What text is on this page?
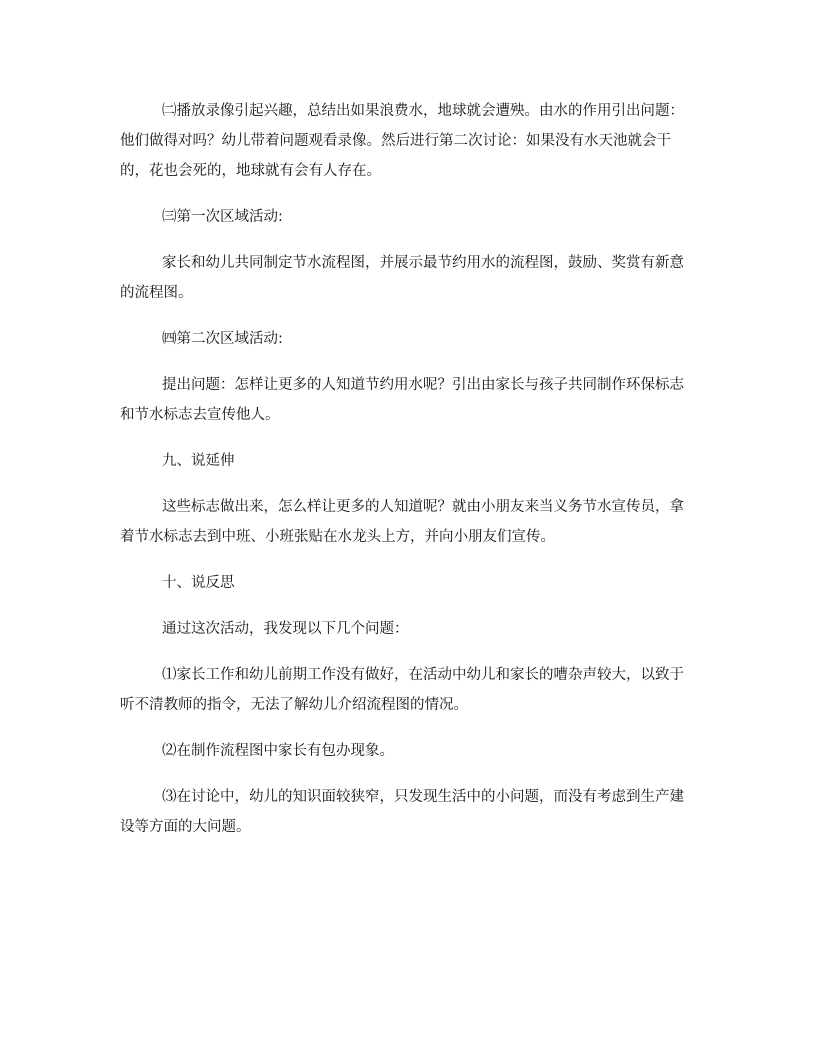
㈡播放录像引起兴趣，总结出如果浪费水，地球就会遭殃。由水的作用引出问题：他们做得对吗？幼儿带着问题观看录像。然后进行第二次讨论：如果没有水天池就会干的，花也会死的，地球就有会有人存在。

㈢第一次区域活动:

家长和幼儿共同制定节水流程图，并展示最节约用水的流程图，鼓励、奖赏有新意的流程图。

㈣第二次区域活动:

提出问题：怎样让更多的人知道节约用水呢？引出由家长与孩子共同制作环保标志和节水标志去宣传他人。

九、说延伸

这些标志做出来，怎么样让更多的人知道呢？就由小朋友来当义务节水宣传员，拿着节水标志去到中班、小班张贴在水龙头上方，并向小朋友们宣传。

十、说反思

通过这次活动，我发现以下几个问题：

⑴家长工作和幼儿前期工作没有做好，在活动中幼儿和家长的嘈杂声较大，以致于听不清教师的指令，无法了解幼儿介绍流程图的情况。

⑵在制作流程图中家长有包办现象。

⑶在讨论中，幼儿的知识面较狭窄，只发现生活中的小问题，而没有考虑到生产建设等方面的大问题。
